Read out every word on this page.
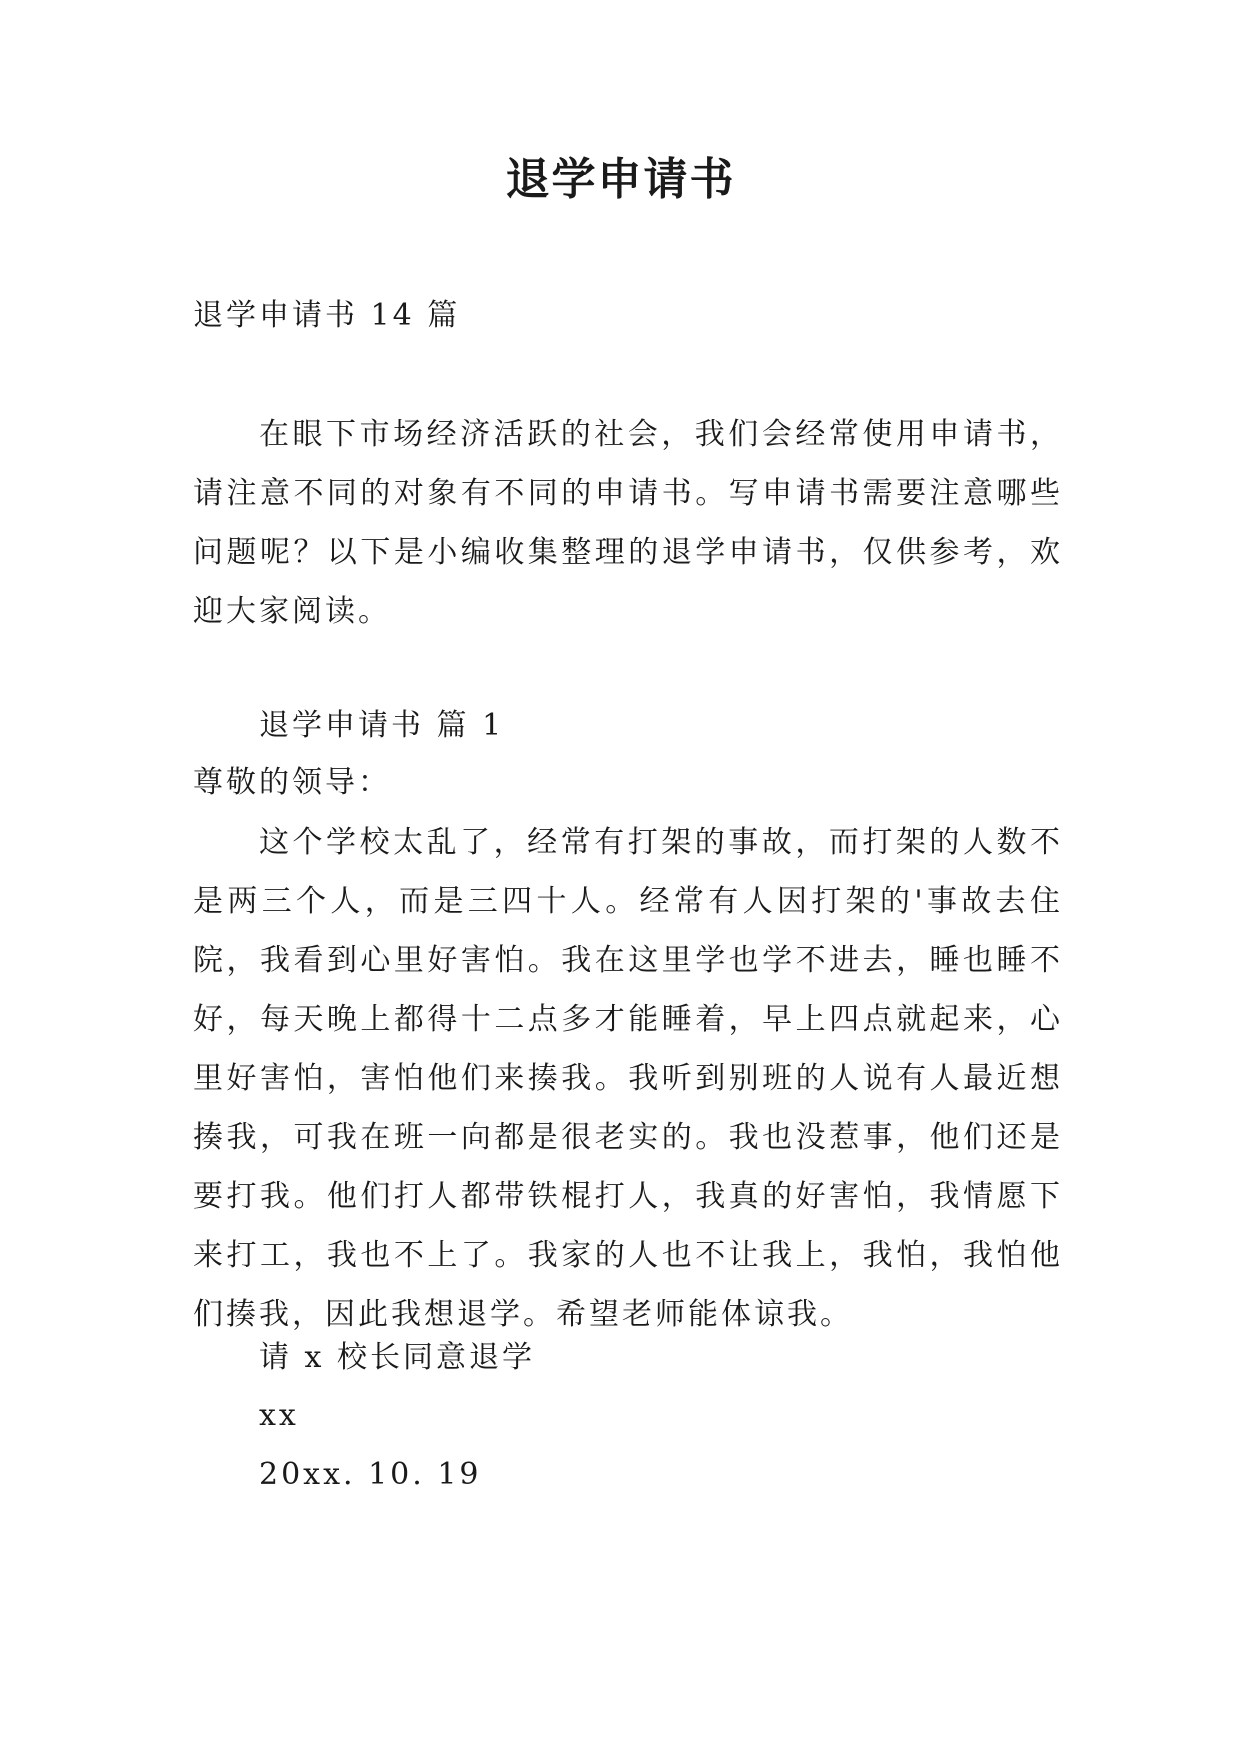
退学申请书
退学申请书 14 篇

在眼下市场经济活跃的社会，我们会经常使用申请书，请注意不同的对象有不同的申请书。写申请书需要注意哪些问题呢？以下是小编收集整理的退学申请书，仅供参考，欢迎大家阅读。

退学申请书 篇 1
尊敬的领导：

这个学校太乱了，经常有打架的事故，而打架的人数不是两三个人，而是三四十人。经常有人因打架的'事故去住院，我看到心里好害怕。我在这里学也学不进去，睡也睡不好，每天晚上都得十二点多才能睡着，早上四点就起来，心里好害怕，害怕他们来揍我。我听到别班的人说有人最近想揍我，可我在班一向都是很老实的。我也没惹事，他们还是要打我。他们打人都带铁棍打人，我真的好害怕，我情愿下来打工，我也不上了。我家的人也不让我上，我怕，我怕他们揍我，因此我想退学。希望老师能体谅我。

请 x 校长同意退学
xx
20xx. 10. 19
